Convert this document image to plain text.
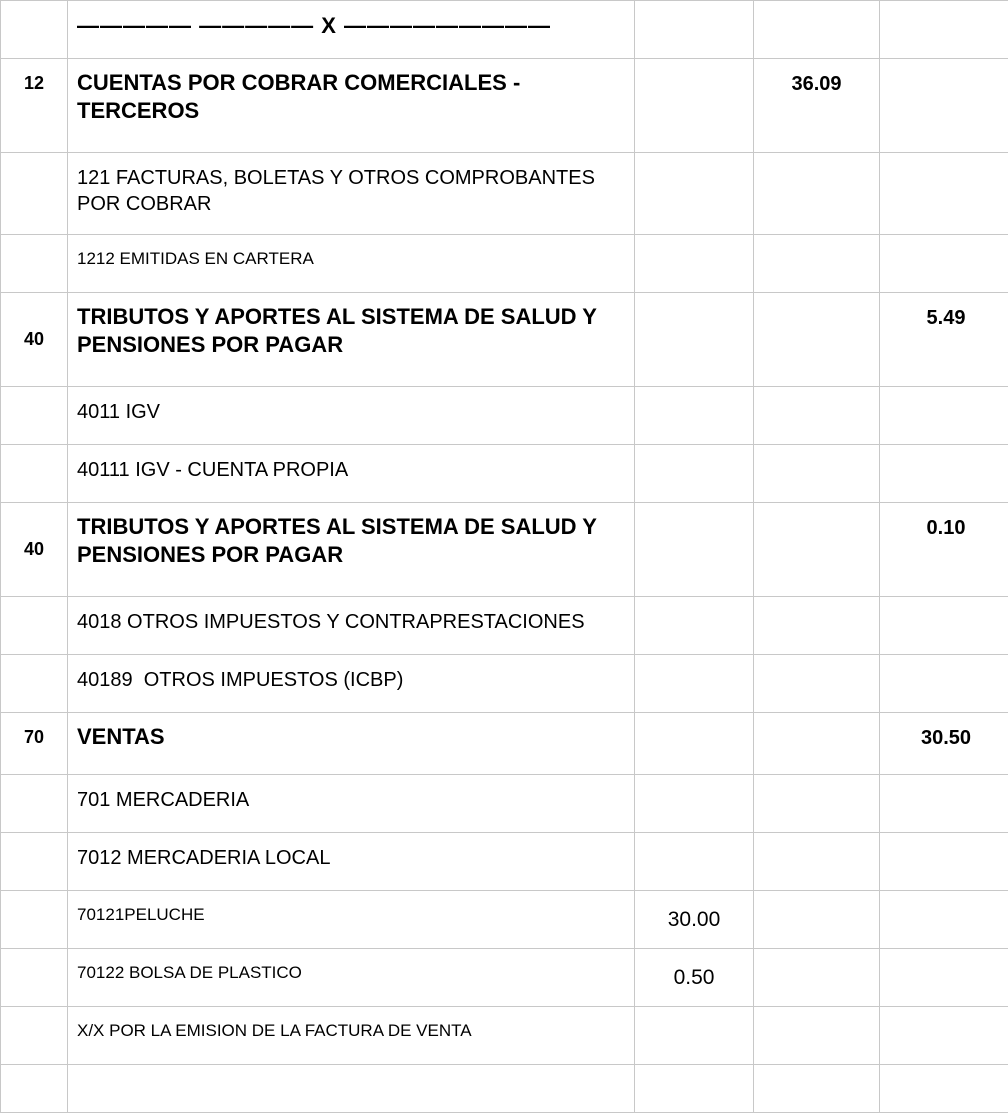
	————— ————— X —————————			

12	CUENTAS POR COBRAR COMERCIALES - TERCEROS		36.09	

	121 FACTURAS, BOLETAS Y OTROS COMPROBANTES POR COBRAR			

	1212 EMITIDAS EN CARTERA			

40	TRIBUTOS Y APORTES AL SISTEMA DE SALUD Y PENSIONES POR PAGAR			5.49

	4011 IGV			

	40111 IGV - CUENTA PROPIA			

40	TRIBUTOS Y APORTES AL SISTEMA DE SALUD Y PENSIONES POR PAGAR			0.10

	4018 OTROS IMPUESTOS Y CONTRAPRESTACIONES			

	40189  OTROS IMPUESTOS (ICBP)			

70	VENTAS			30.50

	701 MERCADERIA			

	7012 MERCADERIA LOCAL			

	70121PELUCHE	30.00		

	70122 BOLSA DE PLASTICO	0.50		

	X/X POR LA EMISION DE LA FACTURA DE VENTA			
